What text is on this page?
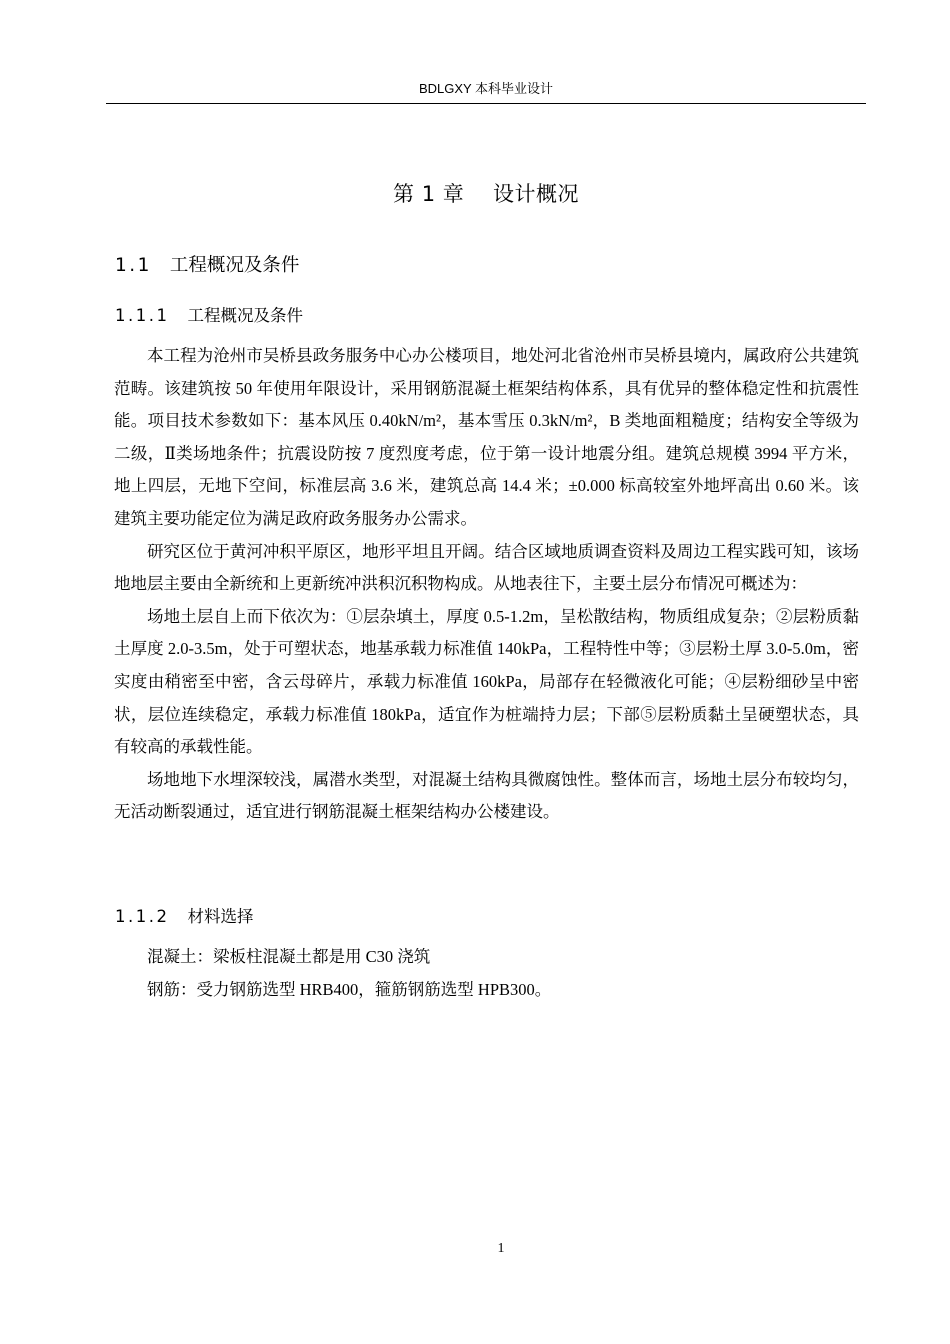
BDLGXY 本科毕业设计
第 1 章    设计概况
1.1 工程概况及条件
1.1.1 工程概况及条件

本工程为沧州市吴桥县政务服务中心办公楼项目，地处河北省沧州市吴桥县境内，属政府公共建筑范畴。该建筑按 50 年使用年限设计，采用钢筋混凝土框架结构体系，具有优异的整体稳定性和抗震性能。项目技术参数如下：基本风压 0.40kN/m²，基本雪压 0.3kN/m²，B 类地面粗糙度；结构安全等级为二级，Ⅱ类场地条件；抗震设防按 7 度烈度考虑，位于第一设计地震分组。建筑总规模 3994 平方米，地上四层，无地下空间，标准层高 3.6 米，建筑总高 14.4 米；±0.000 标高较室外地坪高出 0.60 米。该建筑主要功能定位为满足政府政务服务办公需求。

研究区位于黄河冲积平原区，地形平坦且开阔。结合区域地质调查资料及周边工程实践可知，该场地地层主要由全新统和上更新统冲洪积沉积物构成。从地表往下，主要土层分布情况可概述为：

场地土层自上而下依次为：①层杂填土，厚度 0.5-1.2m，呈松散结构，物质组成复杂；②层粉质黏土厚度 2.0-3.5m，处于可塑状态，地基承载力标准值 140kPa，工程特性中等；③层粉土厚 3.0-5.0m，密实度由稍密至中密，含云母碎片，承载力标准值 160kPa，局部存在轻微液化可能；④层粉细砂呈中密状，层位连续稳定，承载力标准值 180kPa，适宜作为桩端持力层；下部⑤层粉质黏土呈硬塑状态，具有较高的承载性能。

场地地下水埋深较浅，属潜水类型，对混凝土结构具微腐蚀性。整体而言，场地土层分布较均匀，无活动断裂通过，适宜进行钢筋混凝土框架结构办公楼建设。

1.1.2 材料选择

混凝土：梁板柱混凝土都是用 C30 浇筑

钢筋：受力钢筋选型 HRB400，箍筋钢筋选型 HPB300。

1
